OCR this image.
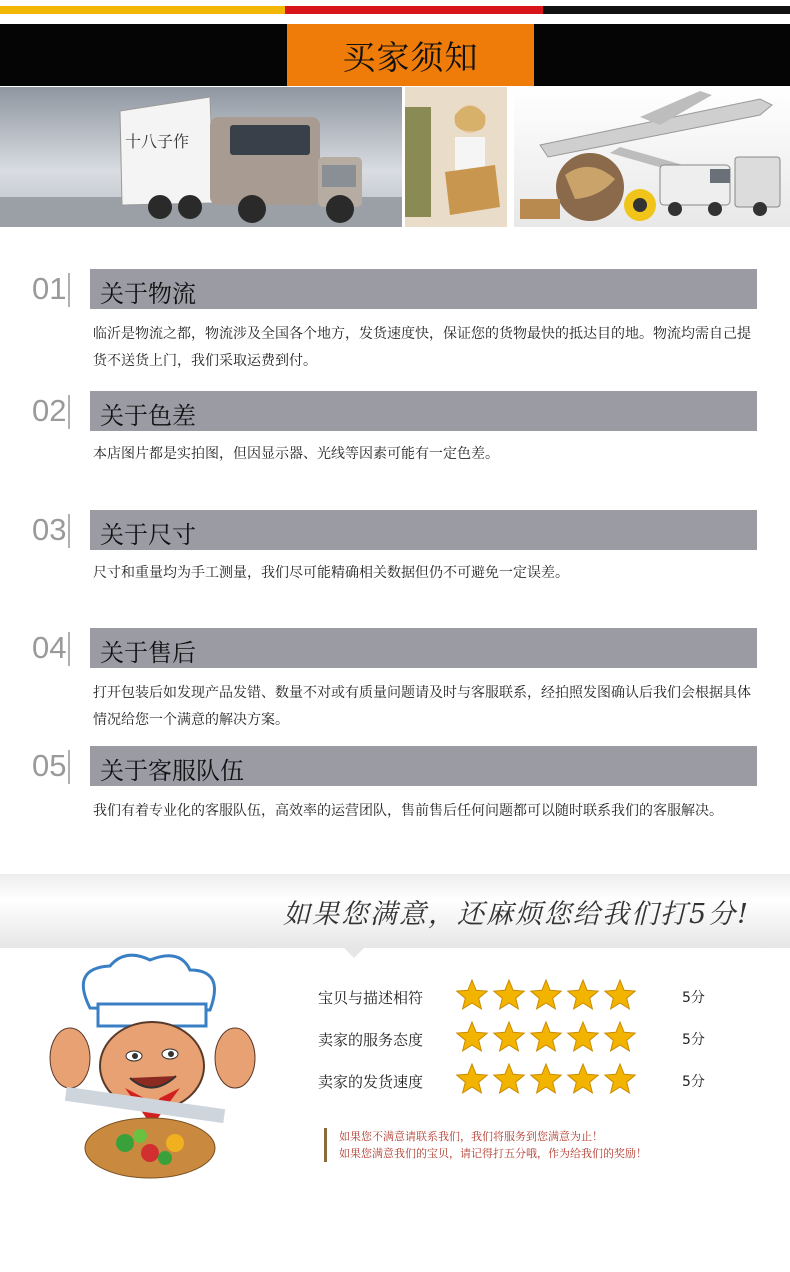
买家须知
十八子作
01 关于物流
临沂是物流之都，物流涉及全国各个地方，发货速度快，保证您的货物最快的抵达目的地。物流均需自己提货不送货上门，我们采取运费到付。
02 关于色差
本店图片都是实拍图，但因显示器、光线等因素可能有一定色差。
03 关于尺寸
尺寸和重量均为手工测量，我们尽可能精确相关数据但仍不可避免一定误差。
04 关于售后
打开包装后如发现产品发错、数量不对或有质量问题请及时与客服联系，经拍照发图确认后我们会根据具体情况给您一个满意的解决方案。
05 关于客服队伍
我们有着专业化的客服队伍，高效率的运营团队，售前售后任何问题都可以随时联系我们的客服解决。
如果您满意，还麻烦您给我们打5分!
宝贝与描述相符	5分
卖家的服务态度	5分
卖家的发货速度	5分
如果您不满意请联系我们，我们将服务到您满意为止！
如果您满意我们的宝贝，请记得打五分哦，作为给我们的奖励！
